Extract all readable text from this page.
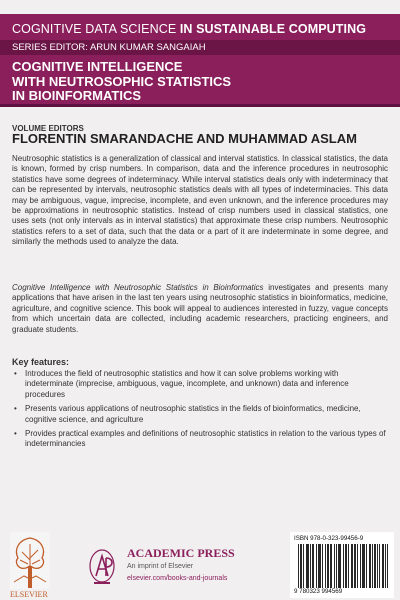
COGNITIVE DATA SCIENCE IN SUSTAINABLE COMPUTING
SERIES EDITOR: ARUN KUMAR SANGAIAH
COGNITIVE INTELLIGENCE
WITH NEUTROSOPHIC STATISTICS
IN BIOINFORMATICS
VOLUME EDITORS
FLORENTIN SMARANDACHE AND MUHAMMAD ASLAM
Neutrosophic statistics is a generalization of classical and interval statistics. In classical statistics, the data is known, formed by crisp numbers. In comparison, data and the inference procedures in neutrosophic statistics have some degrees of indeterminacy. While interval statistics deals only with indeterminacy that can be represented by intervals, neutrosophic statistics deals with all types of indeterminacies. This data may be ambiguous, vague, imprecise, incomplete, and even unknown, and the inference procedures may be approximations in neutrosophic statistics. Instead of crisp numbers used in classical statistics, one uses sets (not only intervals as in interval statistics) that approximate these crisp numbers. Neutrosophic statistics refers to a set of data, such that the data or a part of it are indeterminate in some degree, and similarly the methods used to analyze the data.
Cognitive Intelligence with Neutrosophic Statistics in Bioinformatics investigates and presents many applications that have arisen in the last ten years using neutrosophic statistics in bioinformatics, medicine, agriculture, and cognitive science. This book will appeal to audiences interested in fuzzy, vague concepts from which uncertain data are collected, including academic researchers, practicing engineers, and graduate students.
Key features:
• Introduces the field of neutrosophic statistics and how it can solve problems working with indeterminate (imprecise, ambiguous, vague, incomplete, and unknown) data and inference procedures
• Presents various applications of neutrosophic statistics in the fields of bioinformatics, medicine, cognitive science, and agriculture
• Provides practical examples and definitions of neutrosophic statistics in relation to the various types of indeterminancies
ELSEVIER
ACADEMIC PRESS
An imprint of Elsevier
elsevier.com/books-and-journals
ISBN 978-0-323-99456-9
9 780323 994569
